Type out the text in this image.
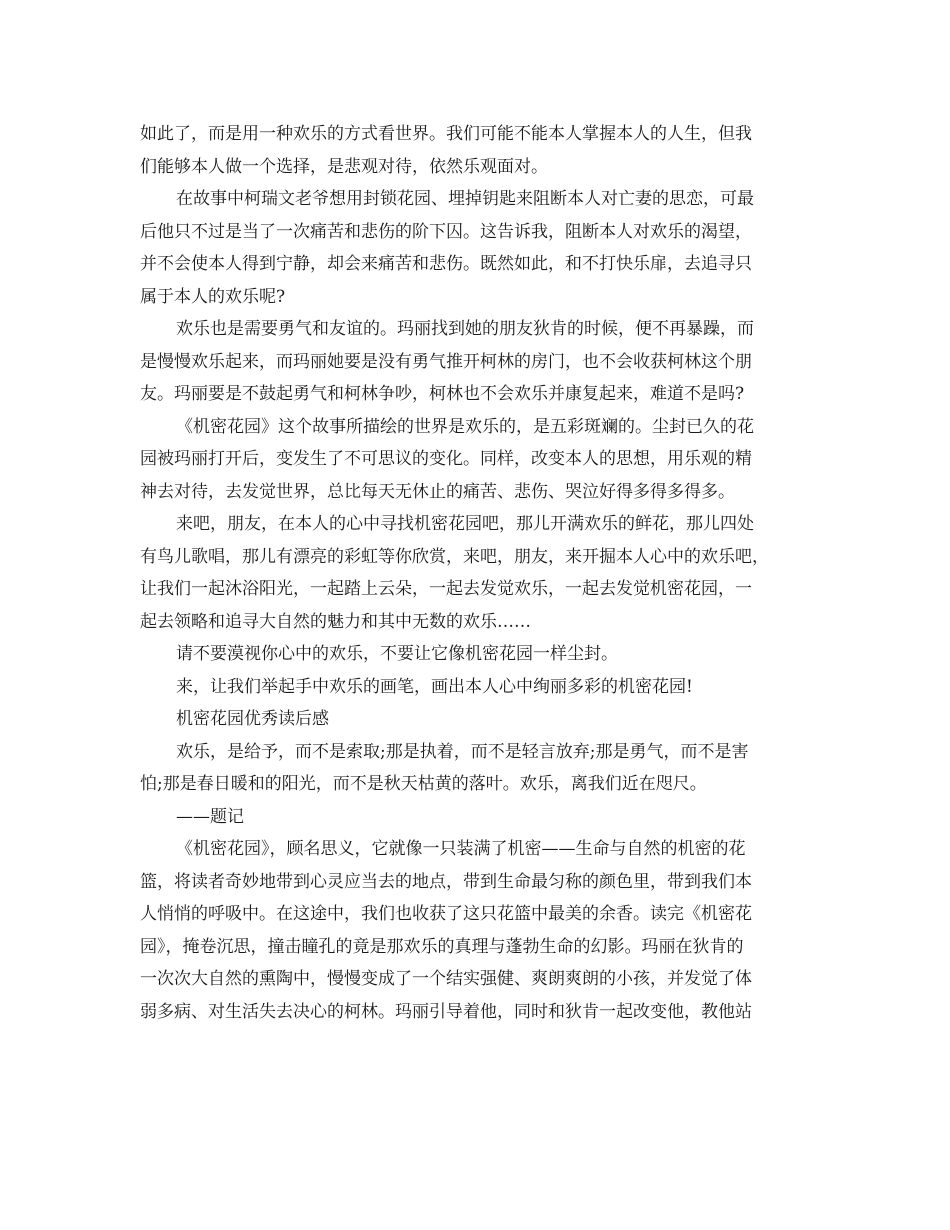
如此了，而是用一种欢乐的方式看世界。我们可能不能本人掌握本人的人生，但我
们能够本人做一个选择，是悲观对待，依然乐观面对。
在故事中柯瑞文老爷想用封锁花园、埋掉钥匙来阻断本人对亡妻的思恋，可最
后他只不过是当了一次痛苦和悲伤的阶下囚。这告诉我，阻断本人对欢乐的渴望，
并不会使本人得到宁静，却会来痛苦和悲伤。既然如此，和不打快乐扉，去追寻只
属于本人的欢乐呢?
欢乐也是需要勇气和友谊的。玛丽找到她的朋友狄肯的时候，便不再暴躁，而
是慢慢欢乐起来，而玛丽她要是没有勇气推开柯林的房门，也不会收获柯林这个朋
友。玛丽要是不鼓起勇气和柯林争吵，柯林也不会欢乐并康复起来，难道不是吗?
《机密花园》这个故事所描绘的世界是欢乐的，是五彩斑斓的。尘封已久的花
园被玛丽打开后，变发生了不可思议的变化。同样，改变本人的思想，用乐观的精
神去对待，去发觉世界，总比每天无休止的痛苦、悲伤、哭泣好得多得多得多。
来吧，朋友，在本人的心中寻找机密花园吧，那儿开满欢乐的鲜花，那儿四处
有鸟儿歌唱，那儿有漂亮的彩虹等你欣赏，来吧，朋友，来开掘本人心中的欢乐吧，
让我们一起沐浴阳光，一起踏上云朵，一起去发觉欢乐，一起去发觉机密花园，一
起去领略和追寻大自然的魅力和其中无数的欢乐……
请不要漠视你心中的欢乐，不要让它像机密花园一样尘封。
来，让我们举起手中欢乐的画笔，画出本人心中绚丽多彩的机密花园!
机密花园优秀读后感
欢乐，是给予，而不是索取;那是执着，而不是轻言放弃;那是勇气，而不是害
怕;那是春日暖和的阳光，而不是秋天枯黄的落叶。欢乐，离我们近在咫尺。
——题记
《机密花园》，顾名思义，它就像一只装满了机密——生命与自然的机密的花
篮，将读者奇妙地带到心灵应当去的地点，带到生命最匀称的颜色里，带到我们本
人悄悄的呼吸中。在这途中，我们也收获了这只花篮中最美的余香。读完《机密花
园》，掩卷沉思，撞击瞳孔的竟是那欢乐的真理与蓬勃生命的幻影。玛丽在狄肯的
一次次大自然的熏陶中，慢慢变成了一个结实强健、爽朗爽朗的小孩，并发觉了体
弱多病、对生活失去决心的柯林。玛丽引导着他，同时和狄肯一起改变他，教他站
